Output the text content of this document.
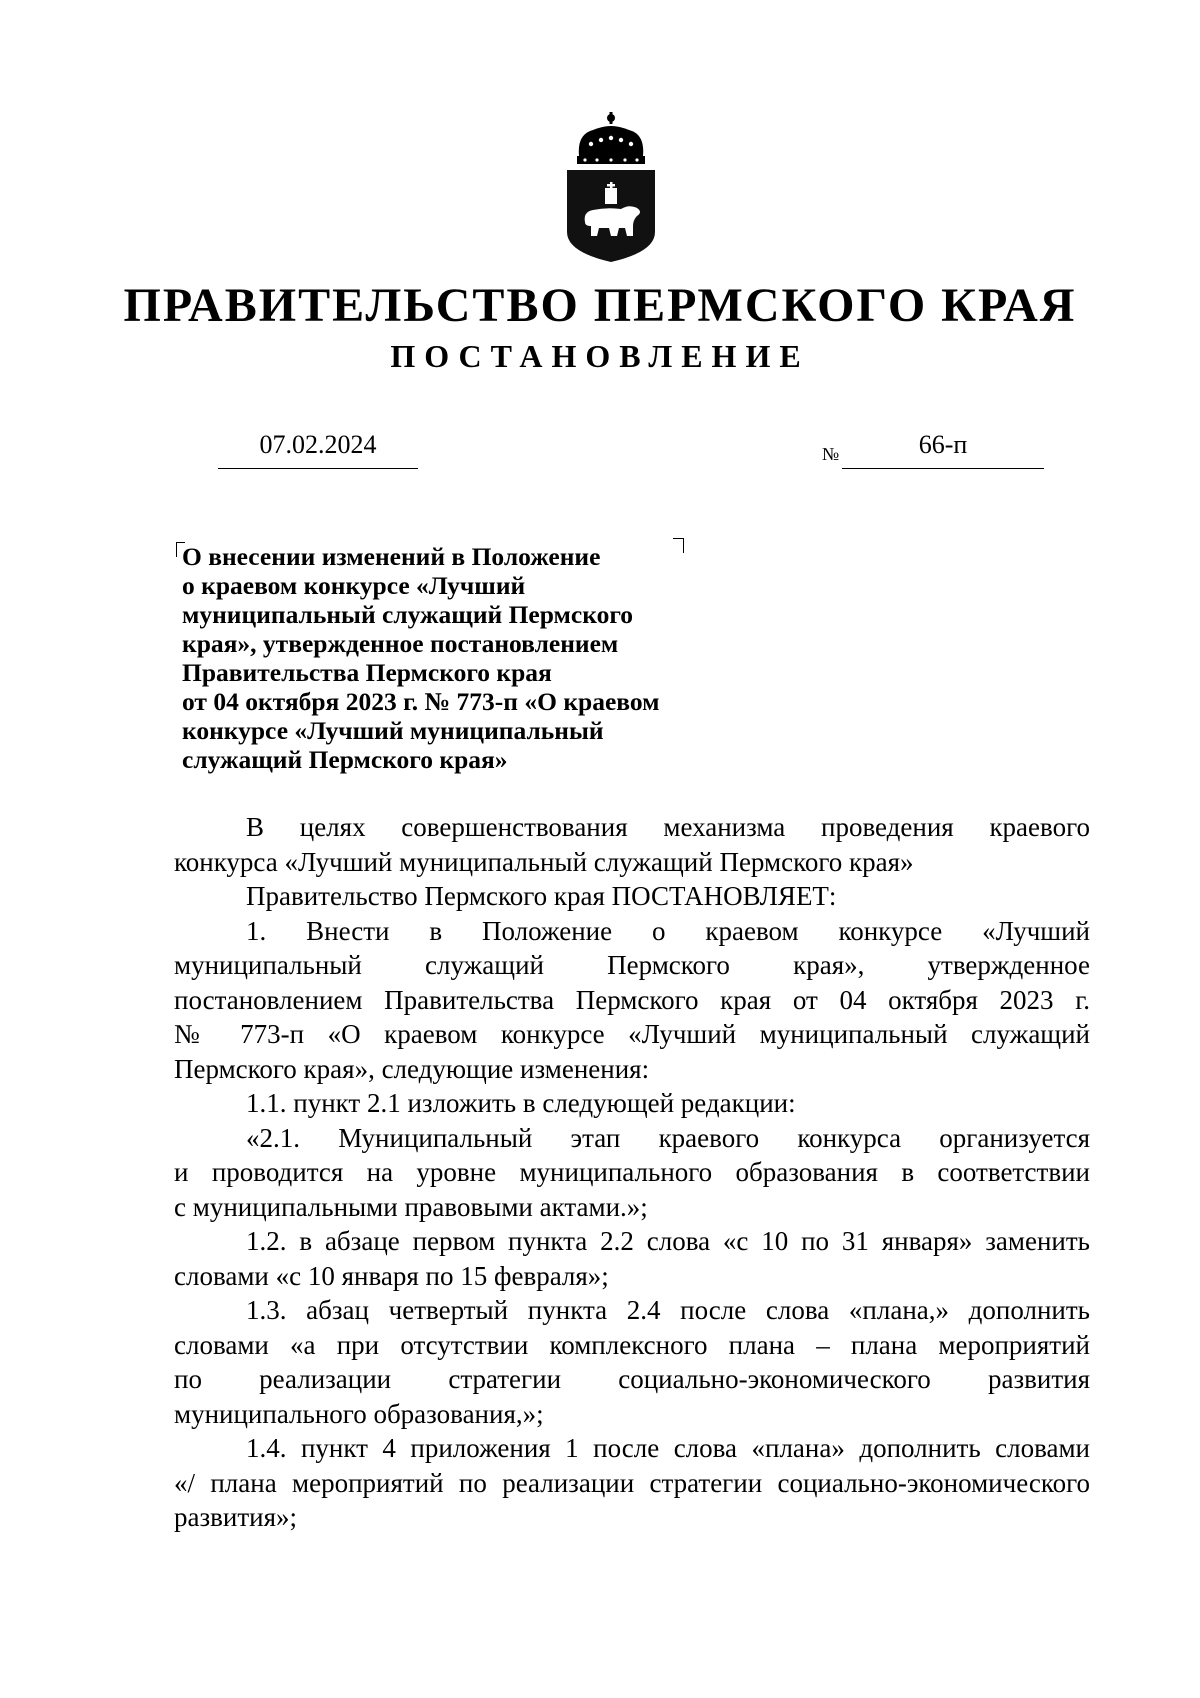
ПРАВИТЕЛЬСТВО ПЕРМСКОГО КРАЯ
ПОСТАНОВЛЕНИЕ
07.02.2024	№	66-п
О внесении изменений в Положение
о краевом конкурсе «Лучший
муниципальный служащий Пермского
края», утвержденное постановлением
Правительства Пермского края
от 04 октября 2023 г. № 773-п «О краевом
конкурсе «Лучший муниципальный
служащий Пермского края»
В целях совершенствования механизма проведения краевого
конкурса «Лучший муниципальный служащий Пермского края»
Правительство Пермского края ПОСТАНОВЛЯЕТ:
1. Внести в Положение о краевом конкурсе «Лучший
муниципальный служащий Пермского края», утвержденное
постановлением Правительства Пермского края от 04 октября 2023 г.
№ 773-п «О краевом конкурсе «Лучший муниципальный служащий
Пермского края», следующие изменения:
1.1. пункт 2.1 изложить в следующей редакции:
«2.1. Муниципальный этап краевого конкурса организуется
и проводится на уровне муниципального образования в соответствии
с муниципальными правовыми актами.»;
1.2. в абзаце первом пункта 2.2 слова «с 10 по 31 января» заменить
словами «с 10 января по 15 февраля»;
1.3. абзац четвертый пункта 2.4 после слова «плана,» дополнить
словами «а при отсутствии комплексного плана – плана мероприятий
по реализации стратегии социально-экономического развития
муниципального образования,»;
1.4. пункт 4 приложения 1 после слова «плана» дополнить словами
«/ плана мероприятий по реализации стратегии социально-экономического
развития»;
